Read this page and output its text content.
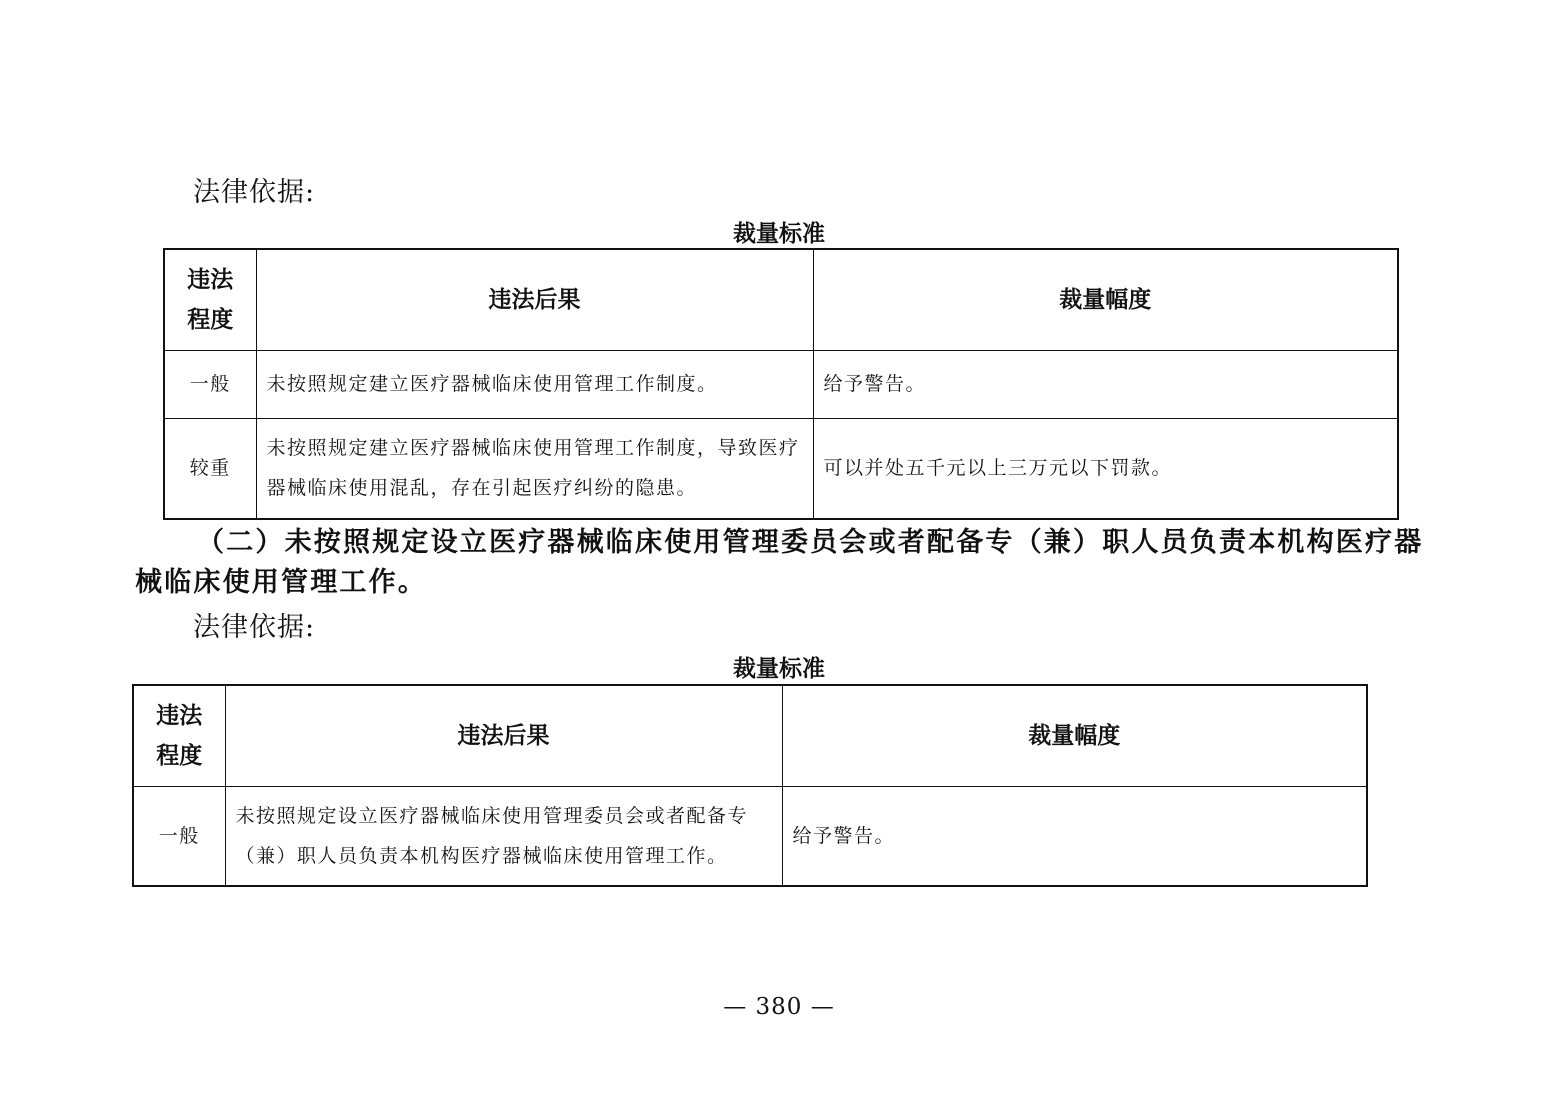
法律依据:
裁量标准
违法程度	违法后果	裁量幅度
一般	未按照规定建立医疗器械临床使用管理工作制度。	给予警告。
较重	未按照规定建立医疗器械临床使用管理工作制度，导致医疗器械临床使用混乱，存在引起医疗纠纷的隐患。	可以并处五千元以上三万元以下罚款。
（二）未按照规定设立医疗器械临床使用管理委员会或者配备专（兼）职人员负责本机构医疗器械临床使用管理工作。
法律依据:
裁量标准
违法程度	违法后果	裁量幅度
一般	未按照规定设立医疗器械临床使用管理委员会或者配备专（兼）职人员负责本机构医疗器械临床使用管理工作。	给予警告。
— 380 —
